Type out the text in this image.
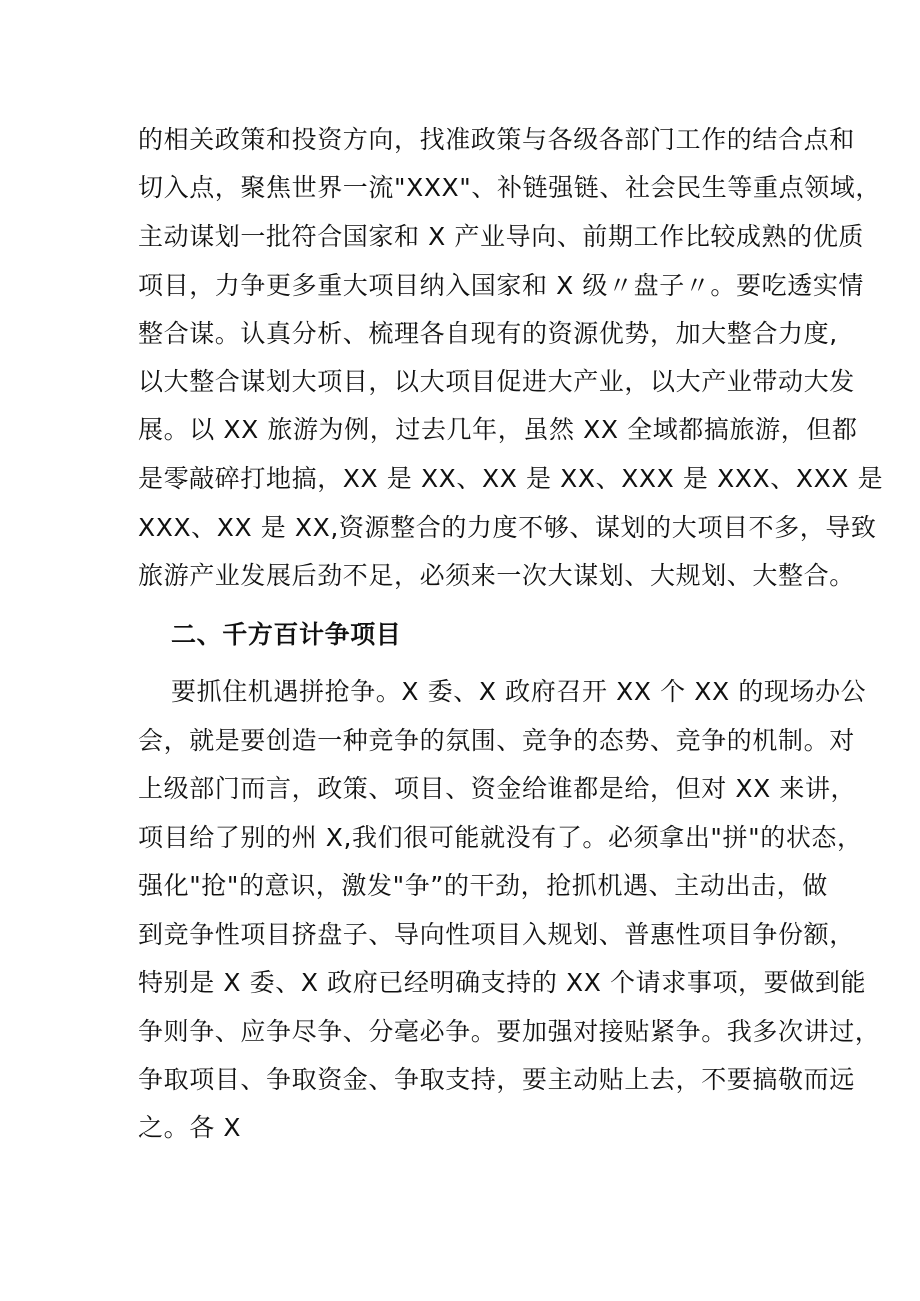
的相关政策和投资方向，找准政策与各级各部门工作的结合点和
切入点，聚焦世界一流"XXX"、补链强链、社会民生等重点领域，
主动谋划一批符合国家和 X 产业导向、前期工作比较成熟的优质
项目，力争更多重大项目纳入国家和 X 级〃盘子〃。要吃透实情
整合谋。认真分析、梳理各自现有的资源优势，加大整合力度,
以大整合谋划大项目，以大项目促进大产业，以大产业带动大发
展。以 XX 旅游为例，过去几年，虽然 XX 全域都搞旅游，但都
是零敲碎打地搞，XX 是 XX、XX 是 XX、XXX 是 XXX、XXX 是
XXX、XX 是 XX,资源整合的力度不够、谋划的大项目不多，导致
旅游产业发展后劲不足，必须来一次大谋划、大规划、大整合。
二、千方百计争项目
要抓住机遇拼抢争。X 委、X 政府召开 XX 个 XX 的现场办公
会，就是要创造一种竞争的氛围、竞争的态势、竞争的机制。对
上级部门而言，政策、项目、资金给谁都是给，但对 XX 来讲，
项目给了别的州 X,我们很可能就没有了。必须拿出"拼"的状态，
强化"抢"的意识，激发"争”的干劲，抢抓机遇、主动出击，做
到竞争性项目挤盘子、导向性项目入规划、普惠性项目争份额，
特别是 X 委、X 政府已经明确支持的 XX 个请求事项，要做到能
争则争、应争尽争、分毫必争。要加强对接贴紧争。我多次讲过，
争取项目、争取资金、争取支持，要主动贴上去，不要搞敬而远
之。各 X
